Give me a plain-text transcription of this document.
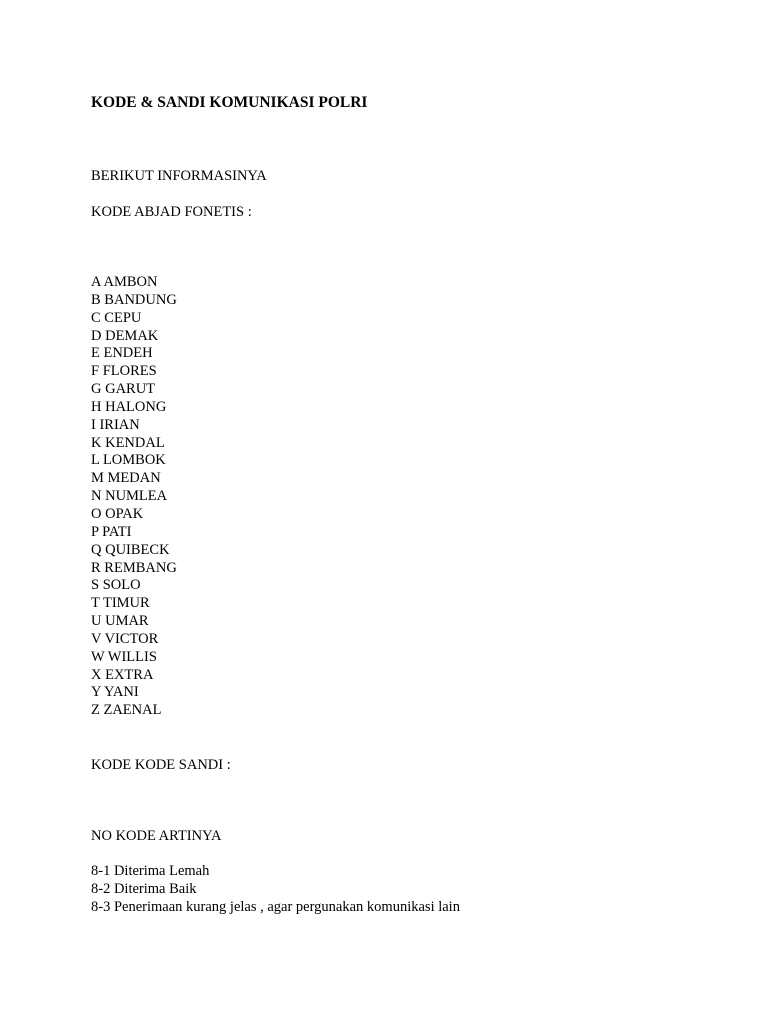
KODE & SANDI KOMUNIKASI POLRI

BERIKUT INFORMASINYA

KODE ABJAD FONETIS :

A AMBON
B BANDUNG
C CEPU
D DEMAK
E ENDEH
F FLORES
G GARUT
H HALONG
I IRIAN
K KENDAL
L LOMBOK
M MEDAN
N NUMLEA
O OPAK
P PATI
Q QUIBECK
R REMBANG
S SOLO
T TIMUR
U UMAR
V VICTOR
W WILLIS
X EXTRA
Y YANI
Z ZAENAL

KODE KODE SANDI :

NO KODE ARTINYA

8-1 Diterima Lemah
8-2 Diterima Baik
8-3 Penerimaan kurang jelas , agar pergunakan komunikasi lain
